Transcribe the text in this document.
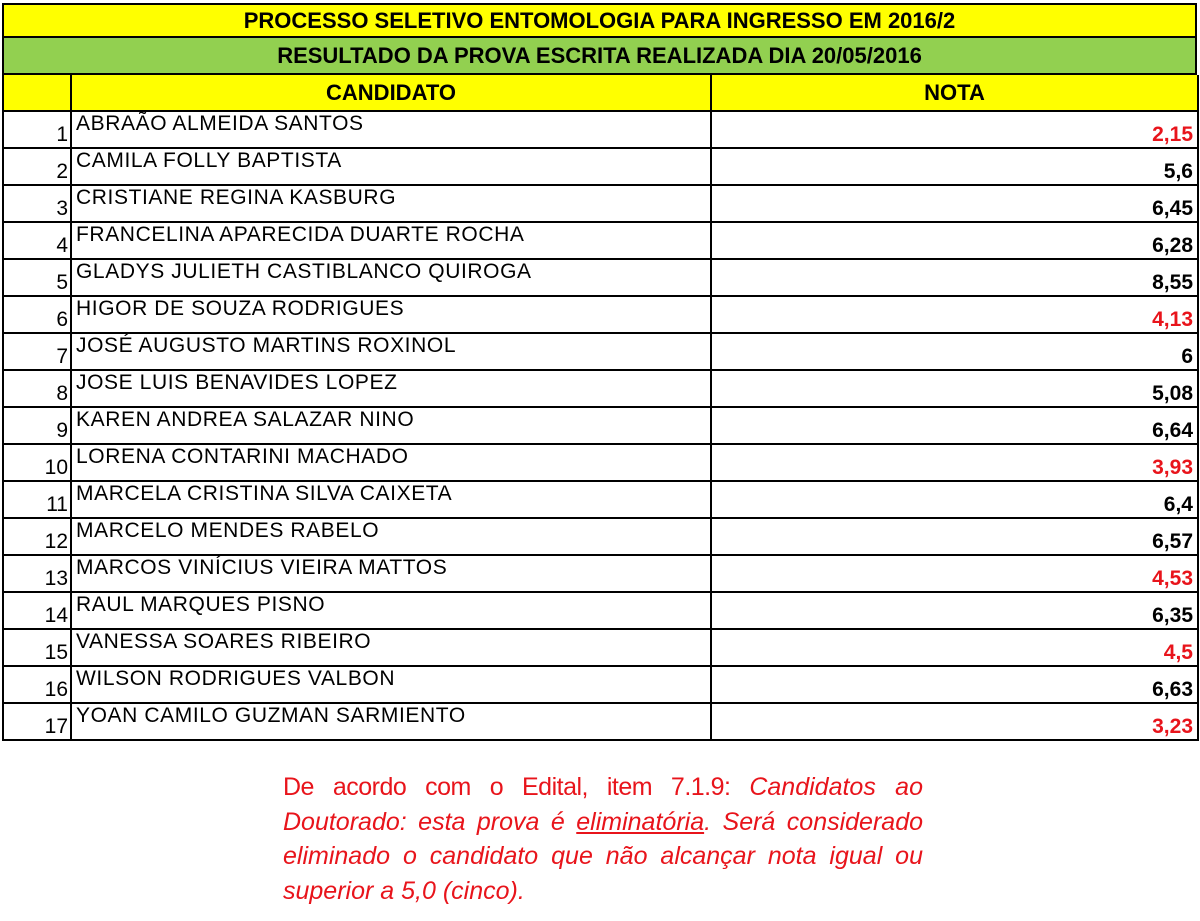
PROCESSO SELETIVO ENTOMOLOGIA PARA INGRESSO EM 2016/2
RESULTADO DA PROVA ESCRITA REALIZADA DIA 20/05/2016
	CANDIDATO	NOTA
1	ABRAÃO ALMEIDA SANTOS	2,15
2	CAMILA FOLLY BAPTISTA	5,6
3	CRISTIANE REGINA KASBURG	6,45
4	FRANCELINA APARECIDA DUARTE ROCHA	6,28
5	GLADYS JULIETH CASTIBLANCO QUIROGA	8,55
6	HIGOR DE SOUZA RODRIGUES	4,13
7	JOSÉ AUGUSTO MARTINS ROXINOL	6
8	JOSE LUIS BENAVIDES LOPEZ	5,08
9	KAREN ANDREA SALAZAR NINO	6,64
10	LORENA CONTARINI MACHADO	3,93
11	MARCELA CRISTINA SILVA CAIXETA	6,4
12	MARCELO MENDES RABELO	6,57
13	MARCOS VINÍCIUS VIEIRA MATTOS	4,53
14	RAUL MARQUES PISNO	6,35
15	VANESSA SOARES RIBEIRO	4,5
16	WILSON RODRIGUES VALBON	6,63
17	YOAN CAMILO GUZMAN SARMIENTO	3,23

De acordo com o Edital, item 7.1.9: Candidatos ao Doutorado: esta prova é eliminatória. Será considerado eliminado o candidato que não alcançar nota igual ou superior a 5,0 (cinco).
